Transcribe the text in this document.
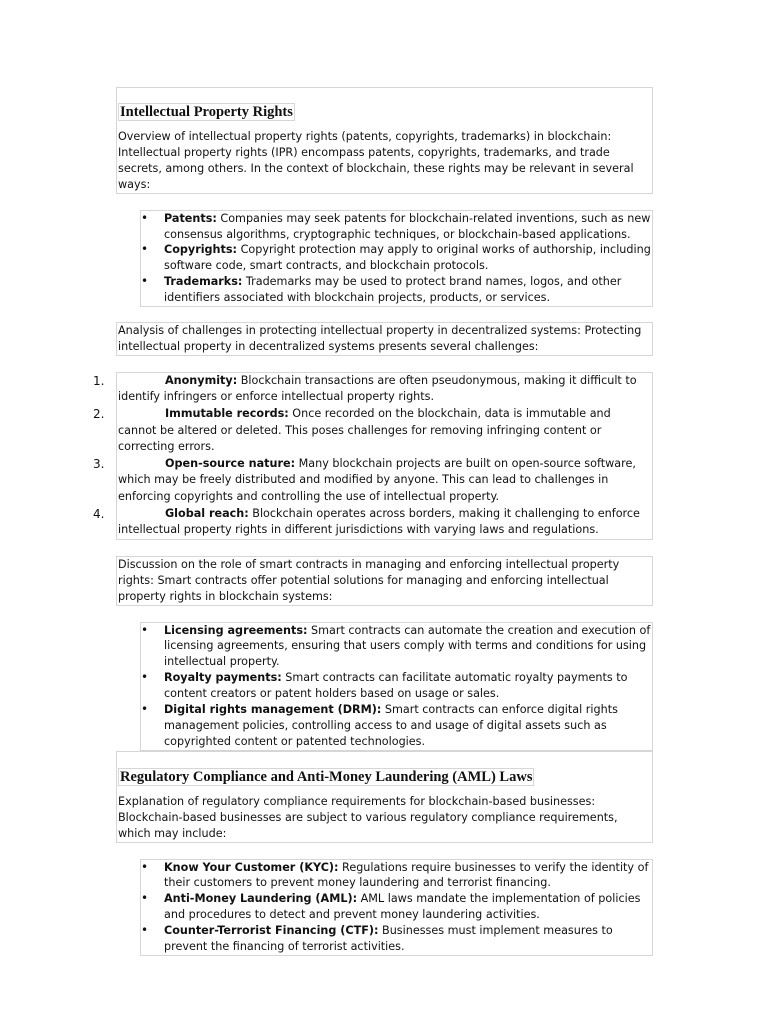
Intellectual Property Rights
Overview of intellectual property rights (patents, copyrights, trademarks) in blockchain: Intellectual property rights (IPR) encompass patents, copyrights, trademarks, and trade secrets, among others. In the context of blockchain, these rights may be relevant in several ways:
• Patents: Companies may seek patents for blockchain-related inventions, such as new consensus algorithms, cryptographic techniques, or blockchain-based applications.
• Copyrights: Copyright protection may apply to original works of authorship, including software code, smart contracts, and blockchain protocols.
• Trademarks: Trademarks may be used to protect brand names, logos, and other identifiers associated with blockchain projects, products, or services.
Analysis of challenges in protecting intellectual property in decentralized systems: Protecting intellectual property in decentralized systems presents several challenges:
1.	Anonymity: Blockchain transactions are often pseudonymous, making it difficult to identify infringers or enforce intellectual property rights.
2.	Immutable records: Once recorded on the blockchain, data is immutable and cannot be altered or deleted. This poses challenges for removing infringing content or correcting errors.
3.	Open-source nature: Many blockchain projects are built on open-source software, which may be freely distributed and modified by anyone. This can lead to challenges in enforcing copyrights and controlling the use of intellectual property.
4.	Global reach: Blockchain operates across borders, making it challenging to enforce intellectual property rights in different jurisdictions with varying laws and regulations.
Discussion on the role of smart contracts in managing and enforcing intellectual property rights: Smart contracts offer potential solutions for managing and enforcing intellectual property rights in blockchain systems:
• Licensing agreements: Smart contracts can automate the creation and execution of licensing agreements, ensuring that users comply with terms and conditions for using intellectual property.
• Royalty payments: Smart contracts can facilitate automatic royalty payments to content creators or patent holders based on usage or sales.
• Digital rights management (DRM): Smart contracts can enforce digital rights management policies, controlling access to and usage of digital assets such as copyrighted content or patented technologies.
Regulatory Compliance and Anti-Money Laundering (AML) Laws
Explanation of regulatory compliance requirements for blockchain-based businesses: Blockchain-based businesses are subject to various regulatory compliance requirements, which may include:
• Know Your Customer (KYC): Regulations require businesses to verify the identity of their customers to prevent money laundering and terrorist financing.
• Anti-Money Laundering (AML): AML laws mandate the implementation of policies and procedures to detect and prevent money laundering activities.
• Counter-Terrorist Financing (CTF): Businesses must implement measures to prevent the financing of terrorist activities.
